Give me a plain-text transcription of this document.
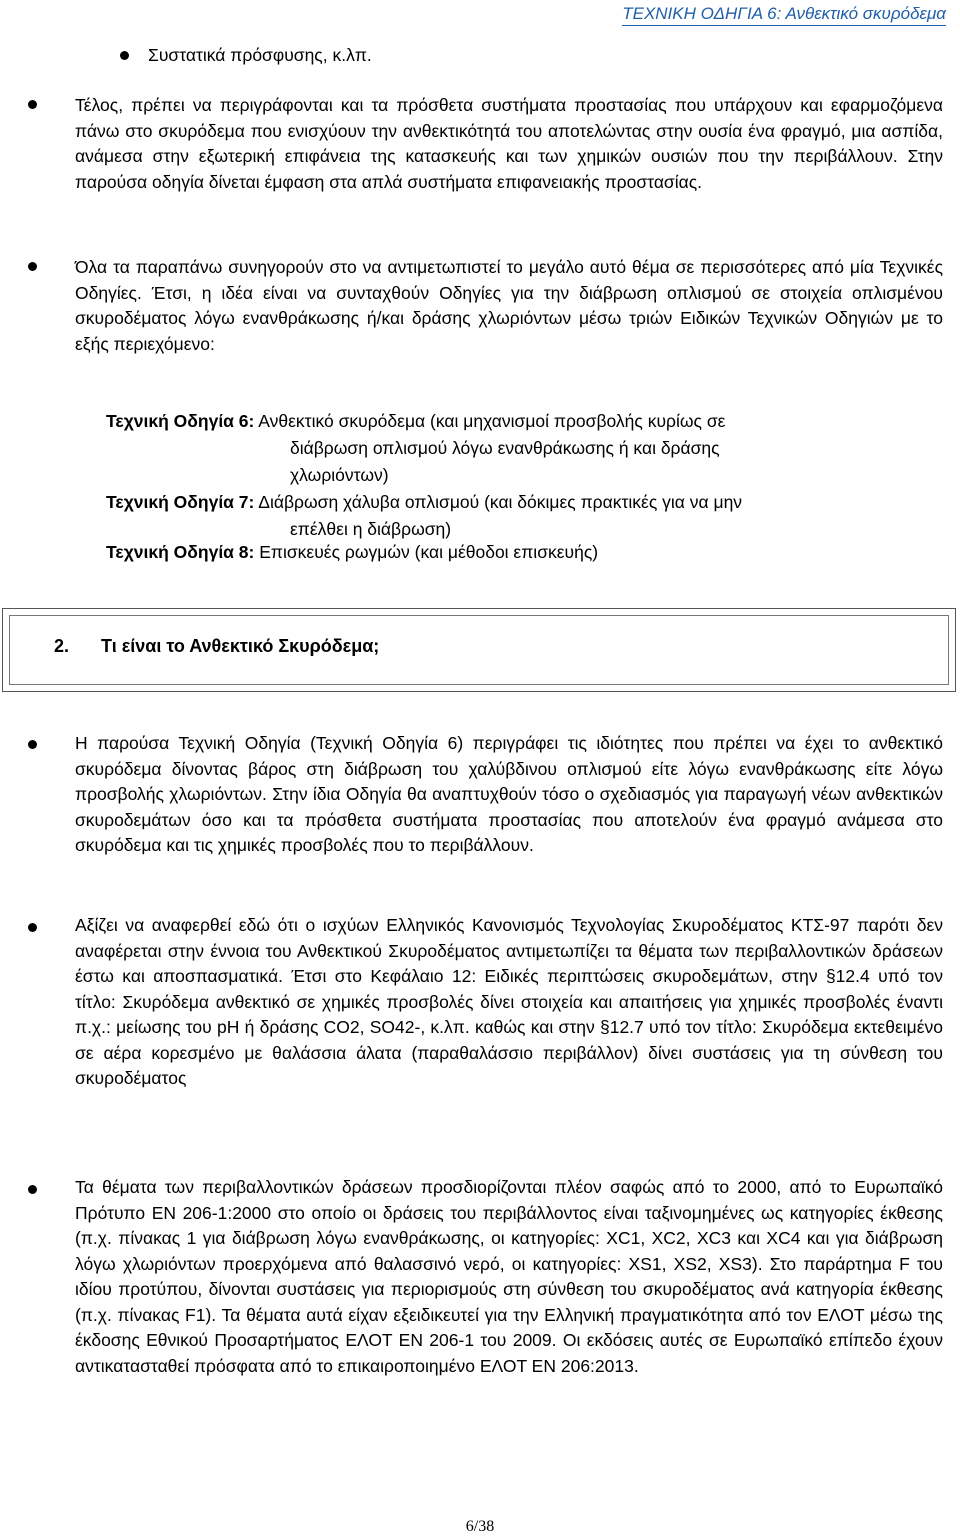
ΤΕΧΝΙΚΗ ΟΔΗΓΙΑ 6: Ανθεκτικό σκυρόδεμα
Συστατικά πρόσφυσης, κ.λπ.
Τέλος, πρέπει να περιγράφονται και τα πρόσθετα συστήματα προστασίας που υπάρχουν και εφαρμοζόμενα πάνω στο σκυρόδεμα που ενισχύουν την ανθεκτικότητά του αποτελώντας στην ουσία ένα φραγμό, μια ασπίδα, ανάμεσα στην εξωτερική επιφάνεια της κατασκευής και των χημικών ουσιών που την περιβάλλουν. Στην παρούσα οδηγία δίνεται έμφαση στα απλά συστήματα επιφανειακής προστασίας.
Όλα τα παραπάνω συνηγορούν στο να αντιμετωπιστεί το μεγάλο αυτό θέμα σε περισσότερες από μία Τεχνικές Οδηγίες. Έτσι, η ιδέα είναι να συνταχθούν Οδηγίες για την διάβρωση οπλισμού σε στοιχεία οπλισμένου σκυροδέματος λόγω ενανθράκωσης ή/και δράσης χλωριόντων μέσω τριών Ειδικών Τεχνικών Οδηγιών με το εξής περιεχόμενο:
Τεχνική Οδηγία 6: Ανθεκτικό σκυρόδεμα (και μηχανισμοί προσβολής κυρίως σε
διάβρωση οπλισμού λόγω ενανθράκωσης ή και δράσης
χλωριόντων)
Τεχνική Οδηγία 7: Διάβρωση χάλυβα οπλισμού (και δόκιμες πρακτικές για να μην
επέλθει η διάβρωση)
Τεχνική Οδηγία 8: Επισκευές ρωγμών (και μέθοδοι επισκευής)
2. Τι είναι το Ανθεκτικό Σκυρόδεμα;
Η παρούσα Τεχνική Οδηγία (Τεχνική Οδηγία 6) περιγράφει τις ιδιότητες που πρέπει να έχει το ανθεκτικό σκυρόδεμα δίνοντας βάρος στη διάβρωση του χαλύβδινου οπλισμού είτε λόγω ενανθράκωσης είτε λόγω προσβολής χλωριόντων. Στην ίδια Οδηγία θα αναπτυχθούν τόσο ο σχεδιασμός για παραγωγή νέων ανθεκτικών σκυροδεμάτων όσο και τα πρόσθετα συστήματα προστασίας που αποτελούν ένα φραγμό ανάμεσα στο σκυρόδεμα και τις χημικές προσβολές που το περιβάλλουν.
Αξίζει να αναφερθεί εδώ ότι ο ισχύων Ελληνικός Κανονισμός Τεχνολογίας Σκυροδέματος ΚΤΣ-97 παρότι δεν αναφέρεται στην έννοια του Ανθεκτικού Σκυροδέματος αντιμετωπίζει τα θέματα των περιβαλλοντικών δράσεων έστω και αποσπασματικά. Έτσι στο Κεφάλαιο 12: Ειδικές περιπτώσεις σκυροδεμάτων, στην §12.4 υπό τον τίτλο: Σκυρόδεμα ανθεκτικό σε χημικές προσβολές δίνει στοιχεία και απαιτήσεις για χημικές προσβολές έναντι π.χ.: μείωσης του pH ή δράσης CO2, SO42-, κ.λπ. καθώς και στην §12.7 υπό τον τίτλο: Σκυρόδεμα εκτεθειμένο σε αέρα κορεσμένο με θαλάσσια άλατα (παραθαλάσσιο περιβάλλον) δίνει συστάσεις για τη σύνθεση του σκυροδέματος
Τα θέματα των περιβαλλοντικών δράσεων προσδιορίζονται πλέον σαφώς από το 2000, από το Ευρωπαϊκό Πρότυπο EN 206-1:2000 στο οποίο οι δράσεις του περιβάλλοντος είναι ταξινομημένες ως κατηγορίες έκθεσης (π.χ. πίνακας 1 για διάβρωση λόγω ενανθράκωσης, οι κατηγορίες: XC1, XC2, XC3 και XC4 και για διάβρωση λόγω χλωριόντων προερχόμενα από θαλασσινό νερό, οι κατηγορίες: XS1, XS2, XS3). Στο παράρτημα F του ιδίου προτύπου, δίνονται συστάσεις για περιορισμούς στη σύνθεση του σκυροδέματος ανά κατηγορία έκθεσης (π.χ. πίνακας F1). Τα θέματα αυτά είχαν εξειδικευτεί για την Ελληνική πραγματικότητα από τον ΕΛΟΤ μέσω της έκδοσης Εθνικού Προσαρτήματος ΕΛΟΤ ΕΝ 206-1 του 2009. Οι εκδόσεις αυτές σε Ευρωπαϊκό επίπεδο έχουν αντικατασταθεί πρόσφατα από το επικαιροποιημένο ΕΛΟΤ ΕΝ 206:2013.
6/38
